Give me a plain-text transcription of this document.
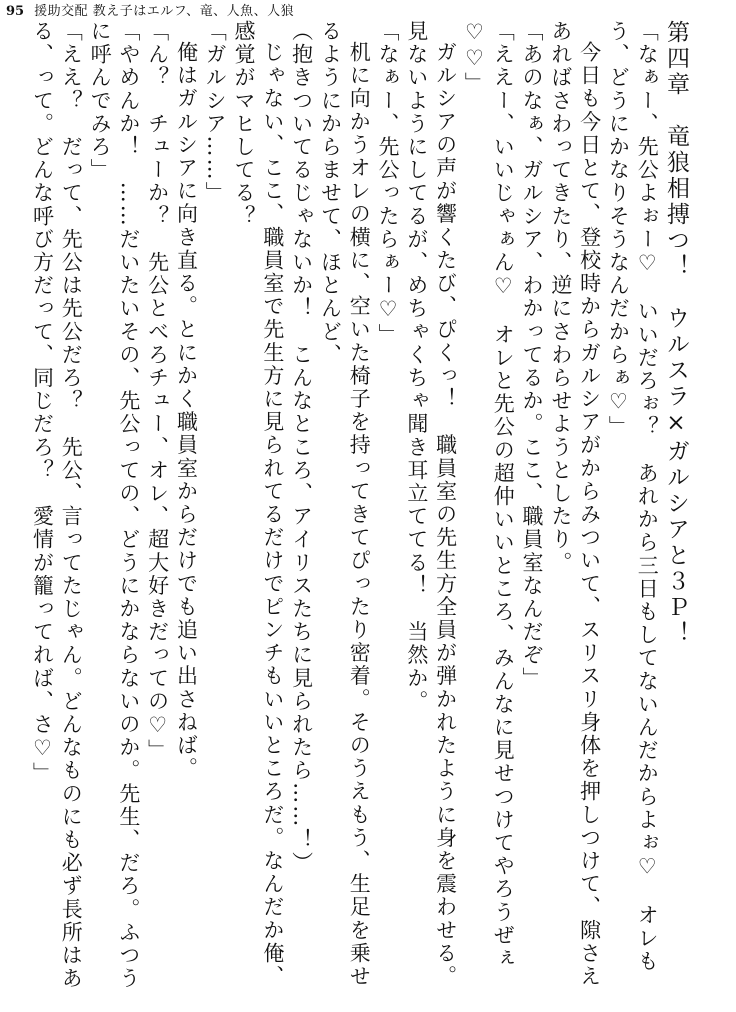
95 援助交配 教え子はエルフ、竜、人魚、人狼
第四章　竜狼相搏つ！　ウルスラ×ガルシアと３Ｐ！

「なぁー、先公よぉー♡　いいだろぉ？　あれから三日もしてないんだからよぉ♡　オレもう、どうにかなりそうなんだからぁ♡」

今日も今日とて、登校時からガルシアがからみついて、スリスリ身体を押しつけて、隙さえあればさわってきたり、逆にさわらせようとしたり。

「あのなぁ、ガルシア、わかってるか。ここ、職員室なんだぞ」

「ええー、いいじゃぁん♡　オレと先公の超仲いいところ、みんなに見せつけてやろうぜぇ♡♡」

ガルシアの声が響くたび、ぴくっ！　職員室の先生方全員が弾かれたように身を震わせる。見ないようにしてるが、めちゃくちゃ聞き耳立ててる！　当然か。

「なぁー、先公ったらぁー♡」

机に向かうオレの横に、空いた椅子を持ってきてぴったり密着。そのうえもう、生足を乗せるようにからませて、ほとんど、

（抱きついてるじゃないか！　こんなところ、アイリスたちに見られたら……！）

じゃない、ここ、職員室で先生方に見られてるだけでピンチもいいところだ。なんだか俺、感覚がマヒしてる？

「ガルシア……」

俺はガルシアに向き直る。とにかく職員室からだけでも追い出さねば。

「ん？　チューか？　先公とべろチュー、オレ、超大好きだっての♡」

「やめんか！　……だいたいその、先公っての、どうにかならないのか。先生、だろ。ふつうに呼んでみろ」

「ええ？　だって、先公は先公だろ？　先公、言ってたじゃん。どんなものにも必ず長所はある、って。どんな呼び方だって、同じだろ？　愛情が籠ってれば、さ♡」
